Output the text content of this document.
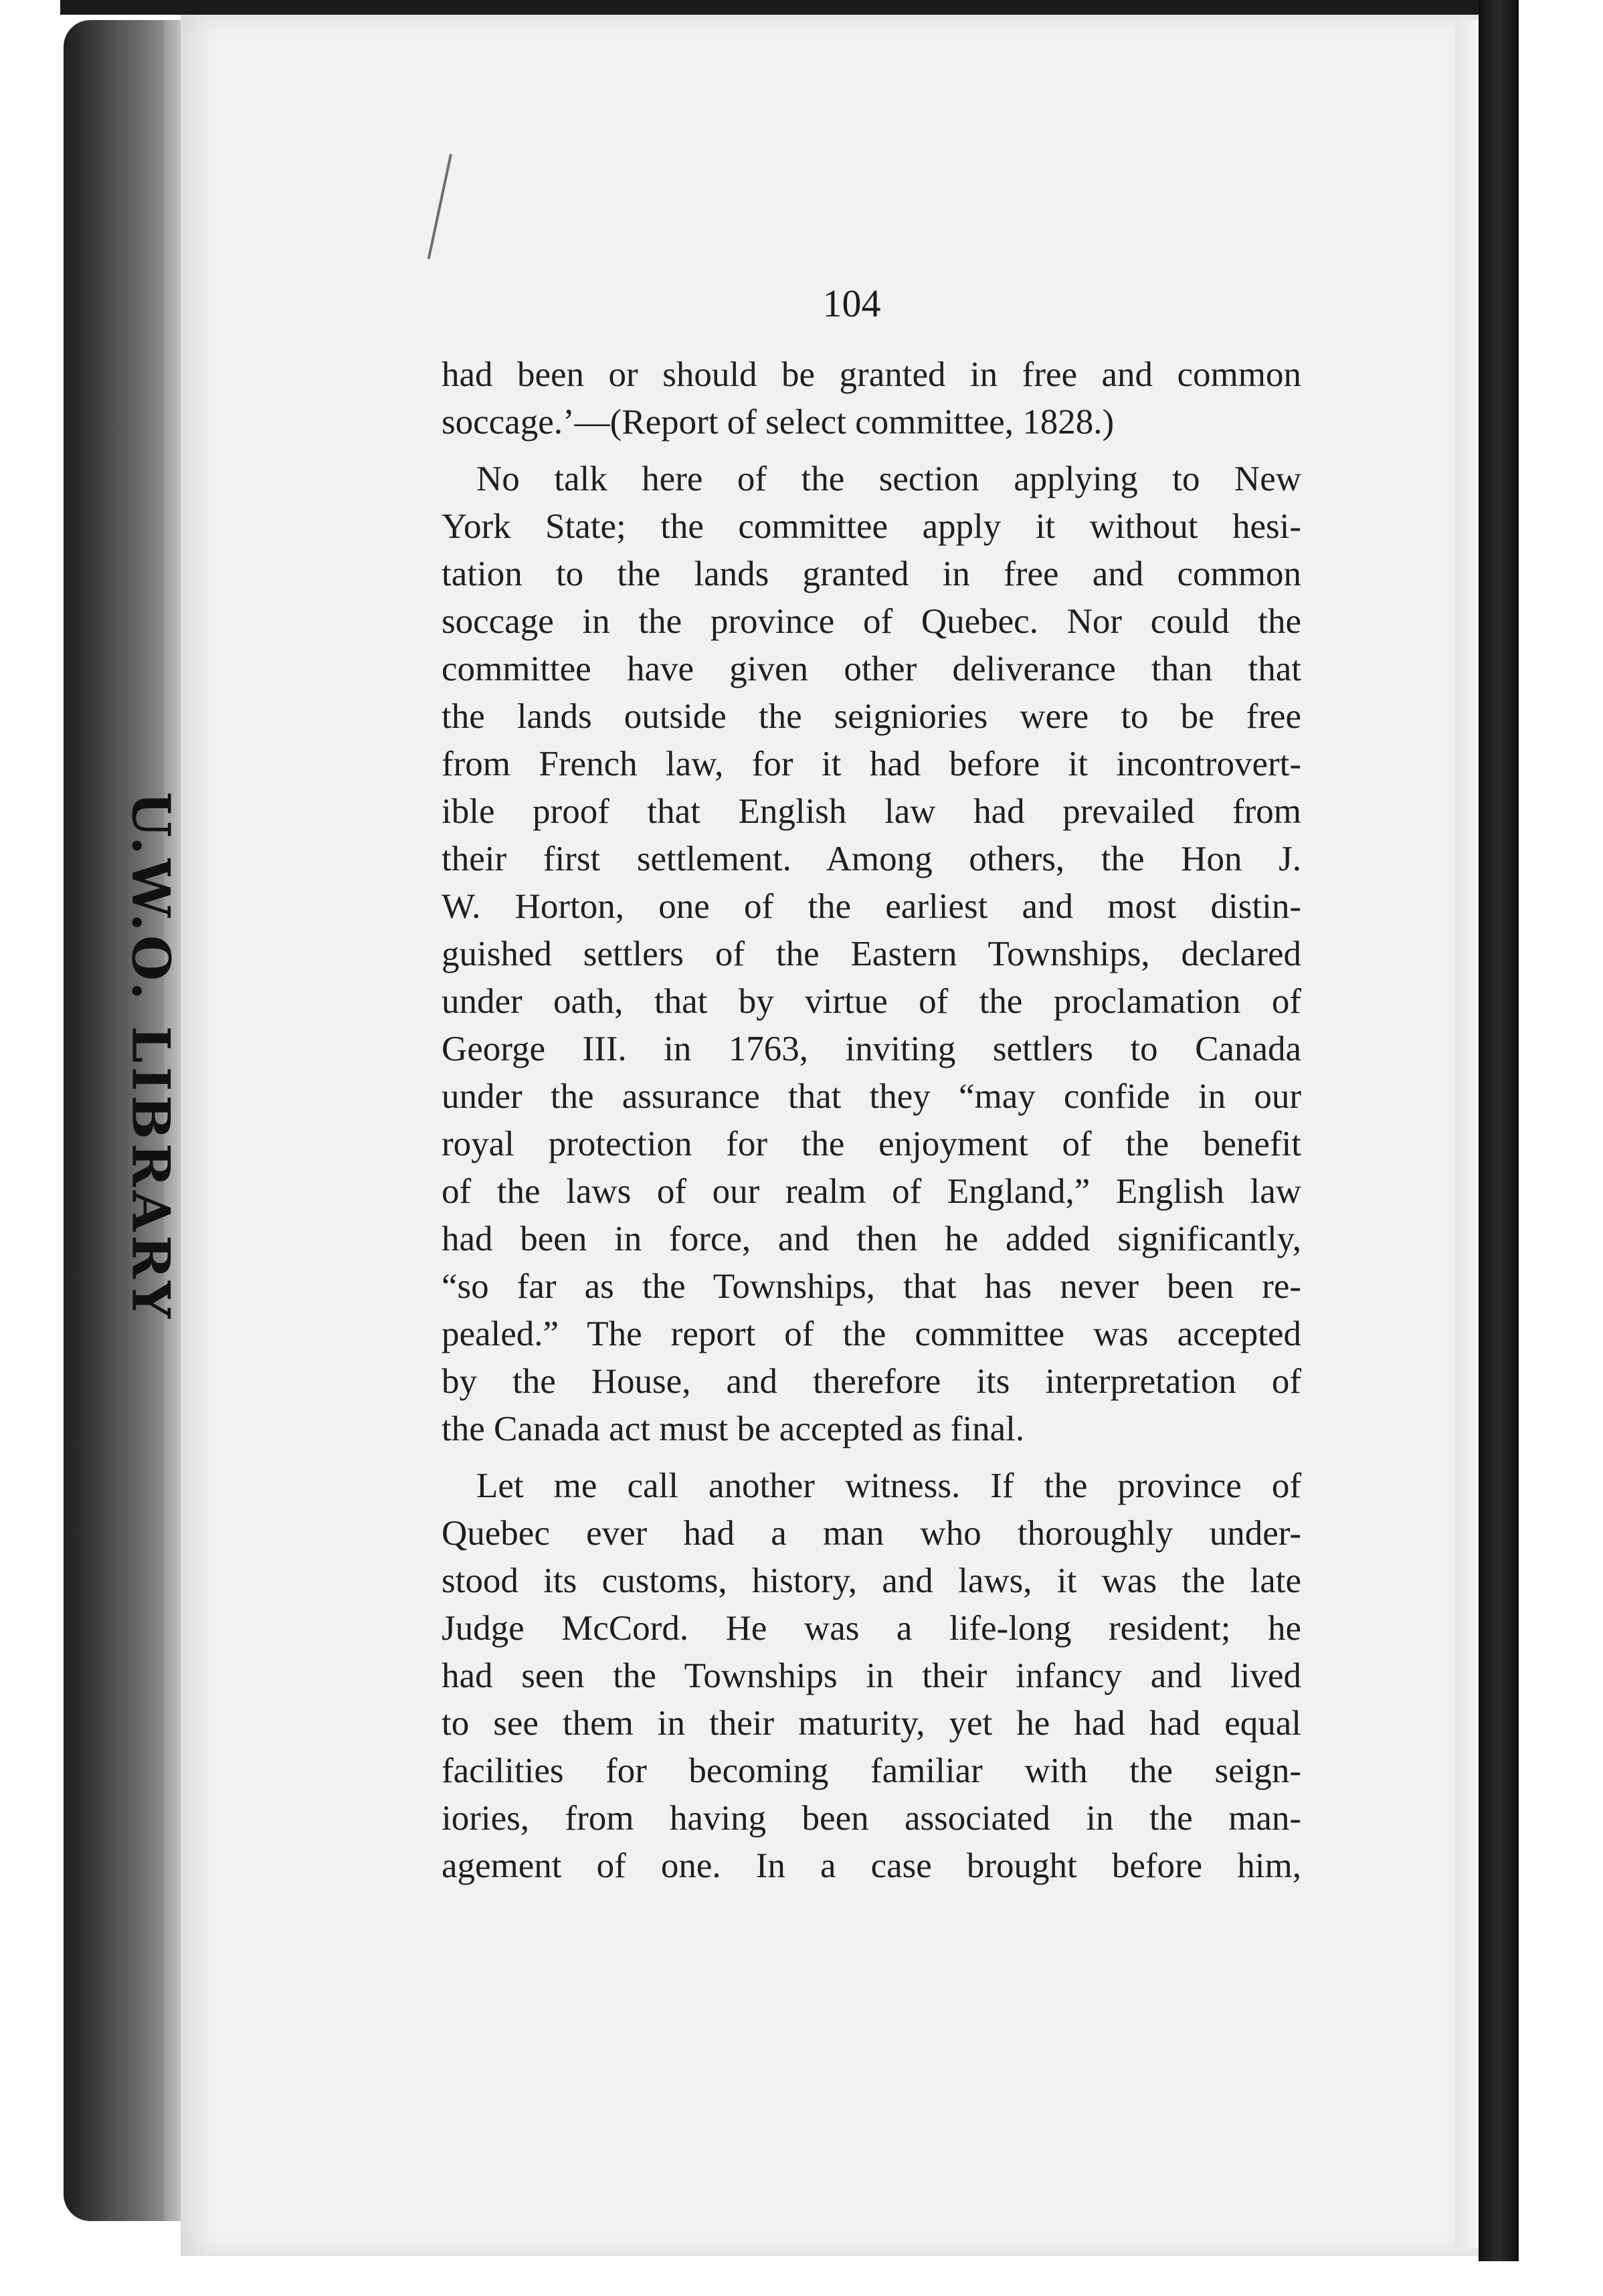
U.W.O. LIBRARY
104
had been or should be granted in free and common
soccage.’—(Report of select committee, 1828.)
No talk here of the section applying to New
York State; the committee apply it without hesi-
tation to the lands granted in free and common
soccage in the province of Quebec. Nor could the
committee have given other deliverance than that
the lands outside the seigniories were to be free
from French law, for it had before it incontrovert-
ible proof that English law had prevailed from
their first settlement. Among others, the Hon J.
W. Horton, one of the earliest and most distin-
guished settlers of the Eastern Townships, declared
under oath, that by virtue of the proclamation of
George III. in 1763, inviting settlers to Canada
under the assurance that they “may confide in our
royal protection for the enjoyment of the benefit
of the laws of our realm of England,” English law
had been in force, and then he added significantly,
“so far as the Townships, that has never been re-
pealed.” The report of the committee was accepted
by the House, and therefore its interpretation of
the Canada act must be accepted as final.
Let me call another witness. If the province of
Quebec ever had a man who thoroughly under-
stood its customs, history, and laws, it was the late
Judge McCord. He was a life-long resident; he
had seen the Townships in their infancy and lived
to see them in their maturity, yet he had had equal
facilities for becoming familiar with the seign-
iories, from having been associated in the man-
agement of one. In a case brought before him,
